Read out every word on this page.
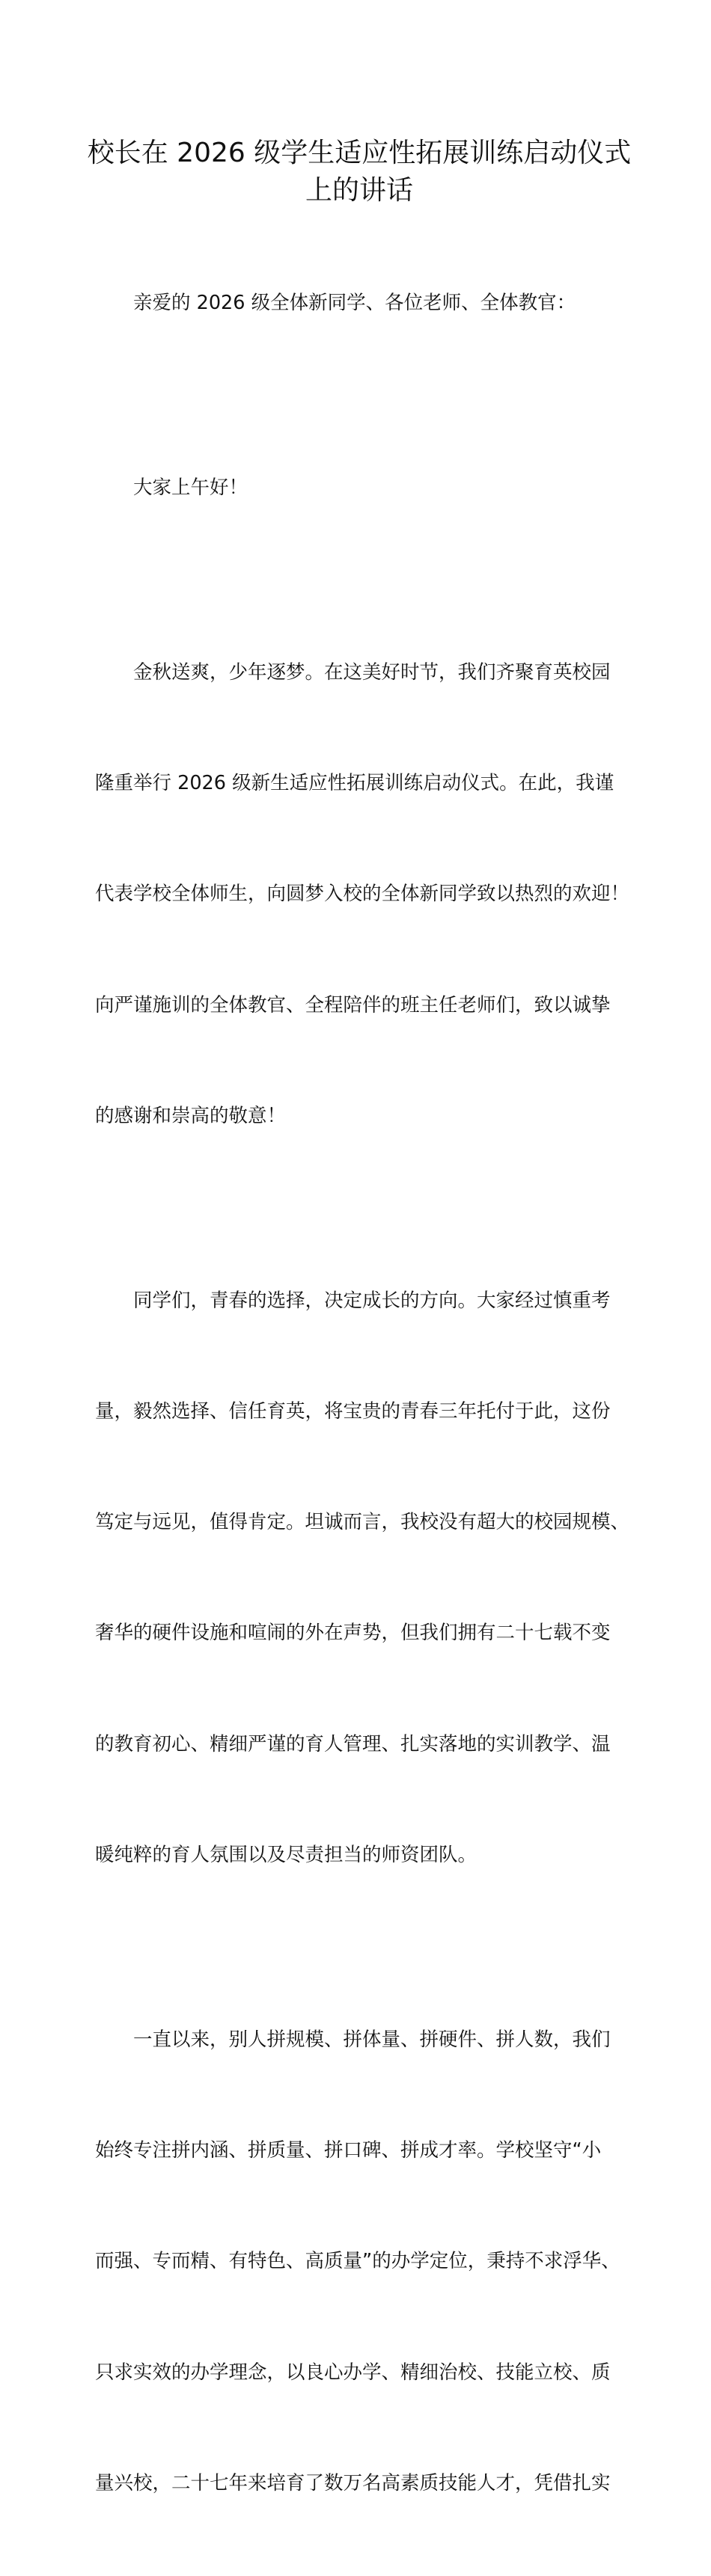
校长在 2026 级学生适应性拓展训练启动仪式
上的讲话

亲爱的 2026 级全体新同学、各位老师、全体教官：

大家上午好！

金秋送爽，少年逐梦。在这美好时节，我们齐聚育英校园

隆重举行 2026 级新生适应性拓展训练启动仪式。在此，我谨

代表学校全体师生，向圆梦入校的全体新同学致以热烈的欢迎！

向严谨施训的全体教官、全程陪伴的班主任老师们，致以诚挚

的感谢和崇高的敬意！

同学们，青春的选择，决定成长的方向。大家经过慎重考

量，毅然选择、信任育英，将宝贵的青春三年托付于此，这份

笃定与远见，值得肯定。坦诚而言，我校没有超大的校园规模、

奢华的硬件设施和喧闹的外在声势，但我们拥有二十七载不变

的教育初心、精细严谨的育人管理、扎实落地的实训教学、温

暖纯粹的育人氛围以及尽责担当的师资团队。

一直以来，别人拼规模、拼体量、拼硬件、拼人数，我们

始终专注拼内涵、拼质量、拼口碑、拼成才率。学校坚守“小

而强、专而精、有特色、高质量”的办学定位，秉持不求浮华、

只求实效的办学理念，以良心办学、精细治校、技能立校、质

量兴校，二十七年来培育了数万名高素质技能人才，凭借扎实
